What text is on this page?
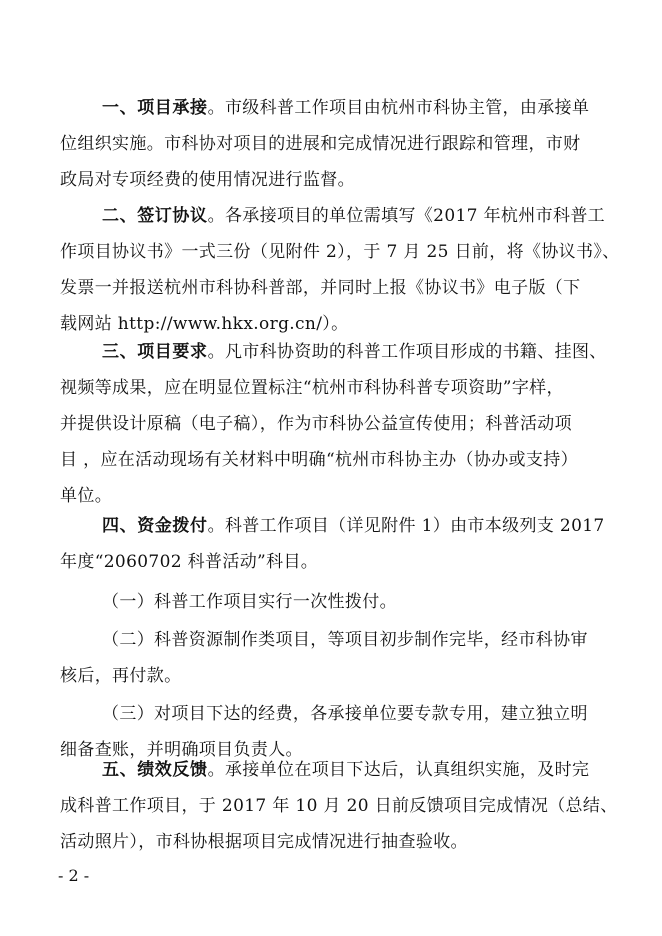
一、项目承接。市级科普工作项目由杭州市科协主管，由承接单
位组织实施。市科协对项目的进展和完成情况进行跟踪和管理，市财
政局对专项经费的使用情况进行监督。
二、签订协议。各承接项目的单位需填写《2017 年杭州市科普工
作项目协议书》一式三份（见附件 2），于 7 月 25 日前，将《协议书》、
发票一并报送杭州市科协科普部，并同时上报《协议书》电子版（下
载网站 http://www.hkx.org.cn/）。
三、项目要求。凡市科协资助的科普工作项目形成的书籍、挂图、
视频等成果，应在明显位置标注“杭州市科协科普专项资助”字样，
并提供设计原稿（电子稿），作为市科协公益宣传使用；科普活动项
目 ，应在活动现场有关材料中明确“杭州市科协主办（协办或支持）
单位。
四、资金拨付。科普工作项目（详见附件 1）由市本级列支 2017
年度“2060702 科普活动”科目。
（一）科普工作项目实行一次性拨付。
（二）科普资源制作类项目，等项目初步制作完毕，经市科协审
核后，再付款。
（三）对项目下达的经费，各承接单位要专款专用，建立独立明
细备查账，并明确项目负责人。
五、绩效反馈。承接单位在项目下达后，认真组织实施，及时完
成科普工作项目，于 2017 年 10 月 20 日前反馈项目完成情况（总结、
活动照片），市科协根据项目完成情况进行抽查验收。
- 2 -
